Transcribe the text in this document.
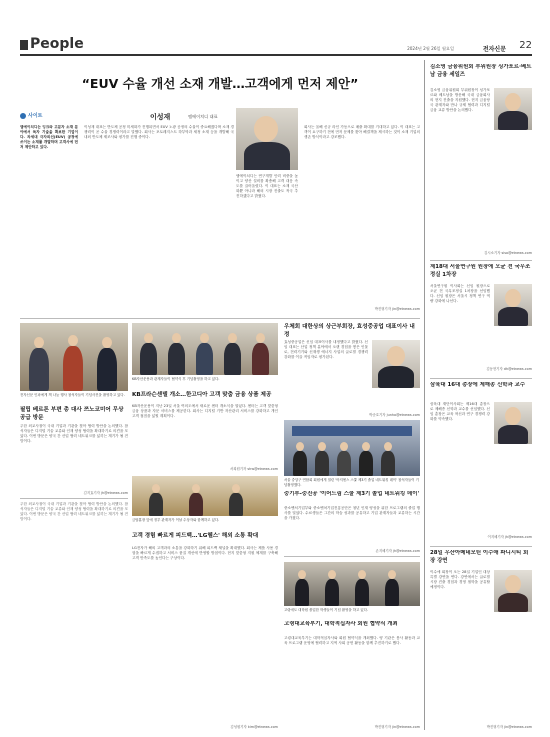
People	2024년 2월 26일 월요일	전자신문 22
“EUV 수율 개선 소재 개발…고객에게 먼저 제안”
사이트
엠에이치디는 잉크와 고분자 소재 분야에서 독자 기술을 확보한 기업이다. 차세대 극자외선(EUV) 공정에 쓰이는 소재를 개발하며 고객사에 먼저 제안하고 있다.
이성재	엠에이치디 대표
이성재 대표는 반도체 공정 미세화가 진행되면서 EUV 노광 공정의 수율이 중요해졌다며 소재 경쟁력이 곧 수율 경쟁력이라고 말했다. 회사는 포토레지스트 하부막과 세정 소재 등을 개발해 국내외 반도체 제조사와 평가를 진행 중이다.
엠에이치디는 연구개발 인력 비중을 높이고 양산 설비를 확충해 고객 대응 속도를 끌어올렸다. 이 대표는 소재 국산화뿐 아니라 해외 시장 진출도 적극 추진하겠다고 밝혔다.
회사는 올해 신규 라인 가동으로 매출 확대를 기대하고 있다. 이 대표는 고객이 요구하기 전에 먼저 문제를 찾아 해결책을 제시하는 것이 소재 기업의 생존 방식이라고 강조했다.
박진형기자 jin@etnews.com
전자신문 인파에게 책 나눔 행사 참석자들이 기념사진을 촬영하고 있다.
필립 베르톤 부편 총 대사 쯔노코미어 무상공급 방문
주한 외교사절이 국내 기업과 기관을 찾아 협력 방안을 논의했다. 참석자들은 디지털 기술 교류와 인재 양성 협력을 확대하기로 의견을 모았다. 이번 방문은 양국 간 산업 협력 네트워크를 넓히는 계기가 될 전망이다.
김지효기자 jh@etnews.com
KB자산운용과 관계자들이 협약식 후 기념촬영을 하고 있다.
KB프라슨센델 개소…한고디아 고객 맞춤 금융 상품 제공
KB자산운용이 지난 23일 서울 여의도에서 새로운 센터 개소식을 열었다. 센터는 고객 맞춤형 금융 상품과 자문 서비스를 제공한다. 회사는 디지털 기반 자산관리 서비스를 강화하고 개인 고객 접점을 넓힐 계획이다.
서희원기자 shw@etnews.com
우체회 대한상의 상근부회장, 효성중공업 대표이사 내정
효성중공업은 신임 대표이사를 내정했다고 밝혔다. 신임 대표는 산업 정책 분야에서 오랜 경험을 쌓은 인물로, 전력기기와 신재생 에너지 사업의 글로벌 경쟁력 강화를 이끌 적임자로 평가된다.
박준호기자 junho@etnews.com
서울 중앙구 연합회 회원에게 열린 '아저센스 스쿨 제3기 졸업 네트워킹 데이' 참석자들이 기념촬영했다.
중기부-중진공 '이어드림 스쿨 제3기 졸업 네트워킹 데이'
중소벤처기업부와 중소벤처기업진흥공단은 청년 인재 양성을 위한 프로그램의 졸업 행사를 열었다. 수료생들은 그간의 학습 성과를 공유하고 기업 관계자들과 교류하는 시간을 가졌다.
손지혜기자 jh@etnews.com
주한 외교사절이 국내 기업과 기관을 찾아 협력 방안을 논의했다. 참석자들은 디지털 기술 교류와 인재 양성 협력을 확대하기로 의견을 모았다. 이번 방문은 양국 간 산업 협력 네트워크를 넓히는 계기가 될 전망이다.	금탑훈장 앞에 정부 관계자가 이날 수상자와 함께하고 있다.
고객 경험 빠르게 피드백…'LG헬스' 해외 소통 확대
LG전자가 해외 고객과의 소통을 강화하기 위해 피드백 채널을 확대했다. 회사는 제품 사용 경험을 빠르게 수집하고 서비스 품질 개선에 반영할 방침이다. 현지 맞춤형 지원 체계를 구축해 고객 만족도를 높인다는 구상이다.
김성원기자 kim@etnews.com
고령에도 대학원 졸업한 학생들이 기념 촬영을 하고 있다.
고령대교육부기, 대학적십자사 회원 협약식 개최
고령대교육부기는 대학적십자사와 회원 협약식을 개최했다. 양 기관은 봉사 활동과 교육 프로그램 운영에 협력하고 지역 사회 공헌 활동을 함께 추진하기로 했다.
박진형기자 jin@etnews.com
김소영 금융위원회 부위원장 싱가포르·베트남 금융 세일즈
김소영 금융위원회 부위원장이 싱가포르와 베트남을 방문해 국내 금융회사의 현지 진출을 지원했다. 현지 금융당국 관계자와 만나 규제 협력과 디지털 금융 교류 방안을 논의했다.
김시소기자 siso@etnews.com
제18대 서울연구원 원장에 오균 전 국무조정실 1차장
서울연구원 이사회는 신임 원장으로 오균 전 국무조정실 1차장을 선임했다. 신임 원장은 서울시 정책 연구 역량 강화에 나선다.
김동현기자 dh@etnews.com
삼육대 16대 총장에 제해종 신학과 교수
삼육대 재단이사회는 제16대 총장으로 제해종 신학과 교수를 선임했다. 신임 총장은 교육 혁신과 연구 경쟁력 강화를 약속했다.
이지혜기자 jh@etnews.com
28일 우산아메네모틴 이수애 파니시티 회장 강연
이수애 회장이 오는 28일 기업인 대상 특별 강연을 연다. 강연에서는 글로벌 시장 진출 경험과 경영 철학을 공유할 예정이다.
박진형기자 jin@etnews.com
